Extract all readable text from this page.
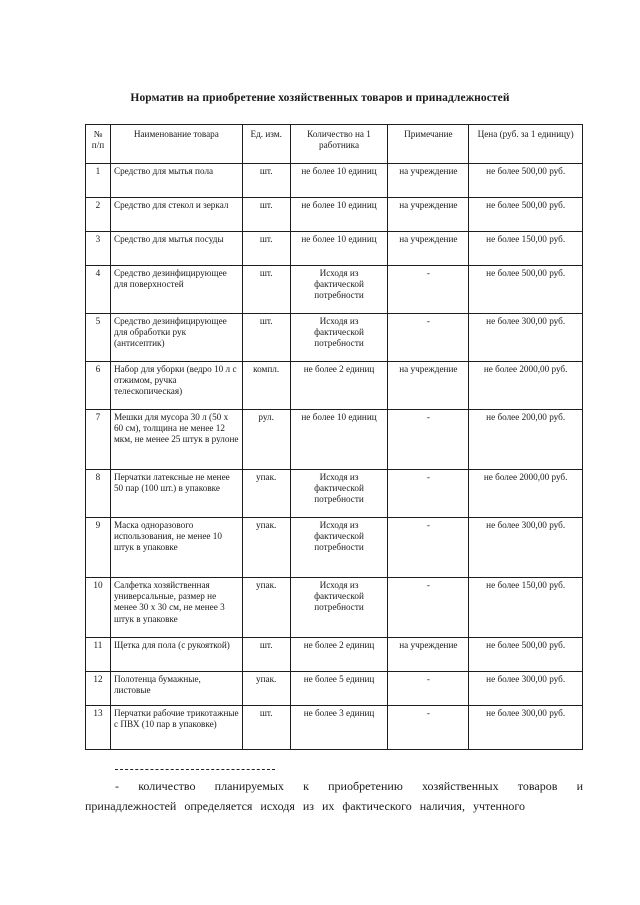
Норматив на приобретение хозяйственных товаров и принадлежностей
№ п/п	Наименование товара	Ед. изм.	Количество на 1 работника	Примечание	Цена (руб. за 1 единицу)
1	Средство для мытья пола	шт.	не более 10 единиц	на учреждение	не более 500,00 руб.
2	Средство для стекол и зеркал	шт.	не более 10 единиц	на учреждение	не более 500,00 руб.
3	Средство для мытья посуды	шт.	не более 10 единиц	на учреждение	не более 150,00 руб.
4	Средство дезинфицирующее для поверхностей	шт.	Исходя из фактической потребности	-	не более 500,00 руб.
5	Средство дезинфицирующее для обработки рук (антисептик)	шт.	Исходя из фактической потребности	-	не более 300,00 руб.
6	Набор для уборки (ведро 10 л с отжимом, ручка телескопическая)	компл.	не более 2 единиц	на учреждение	не более 2000,00 руб.
7	Мешки для мусора 30 л (50 х 60 см), толщина не менее 12 мкм, не менее 25 штук в рулоне	рул.	не более 10 единиц	-	не более 200,00 руб.
8	Перчатки латексные не менее 50 пар (100 шт.) в упаковке	упак.	Исходя из фактической потребности	-	не более 2000,00 руб.
9	Маска одноразового использования, не менее 10 штук в упаковке	упак.	Исходя из фактической потребности	-	не более 300,00 руб.
10	Салфетка хозяйственная универсальные, размер не менее 30 х 30 см, не менее 3 штук в упаковке	упак.	Исходя из фактической потребности	-	не более 150,00 руб.
11	Щетка для пола (с рукояткой)	шт.	не более 2 единиц	на учреждение	не более 500,00 руб.
12	Полотенца бумажные, листовые	упак.	не более 5 единиц	-	не более 300,00 руб.
13	Перчатки рабочие трикотажные с ПВХ (10 пар в упаковке)	шт.	не более 3 единиц	-	не более 300,00 руб.
- количество планируемых к приобретению хозяйственных товаров и принадлежностей определяется исходя из их фактического наличия, учтенного
